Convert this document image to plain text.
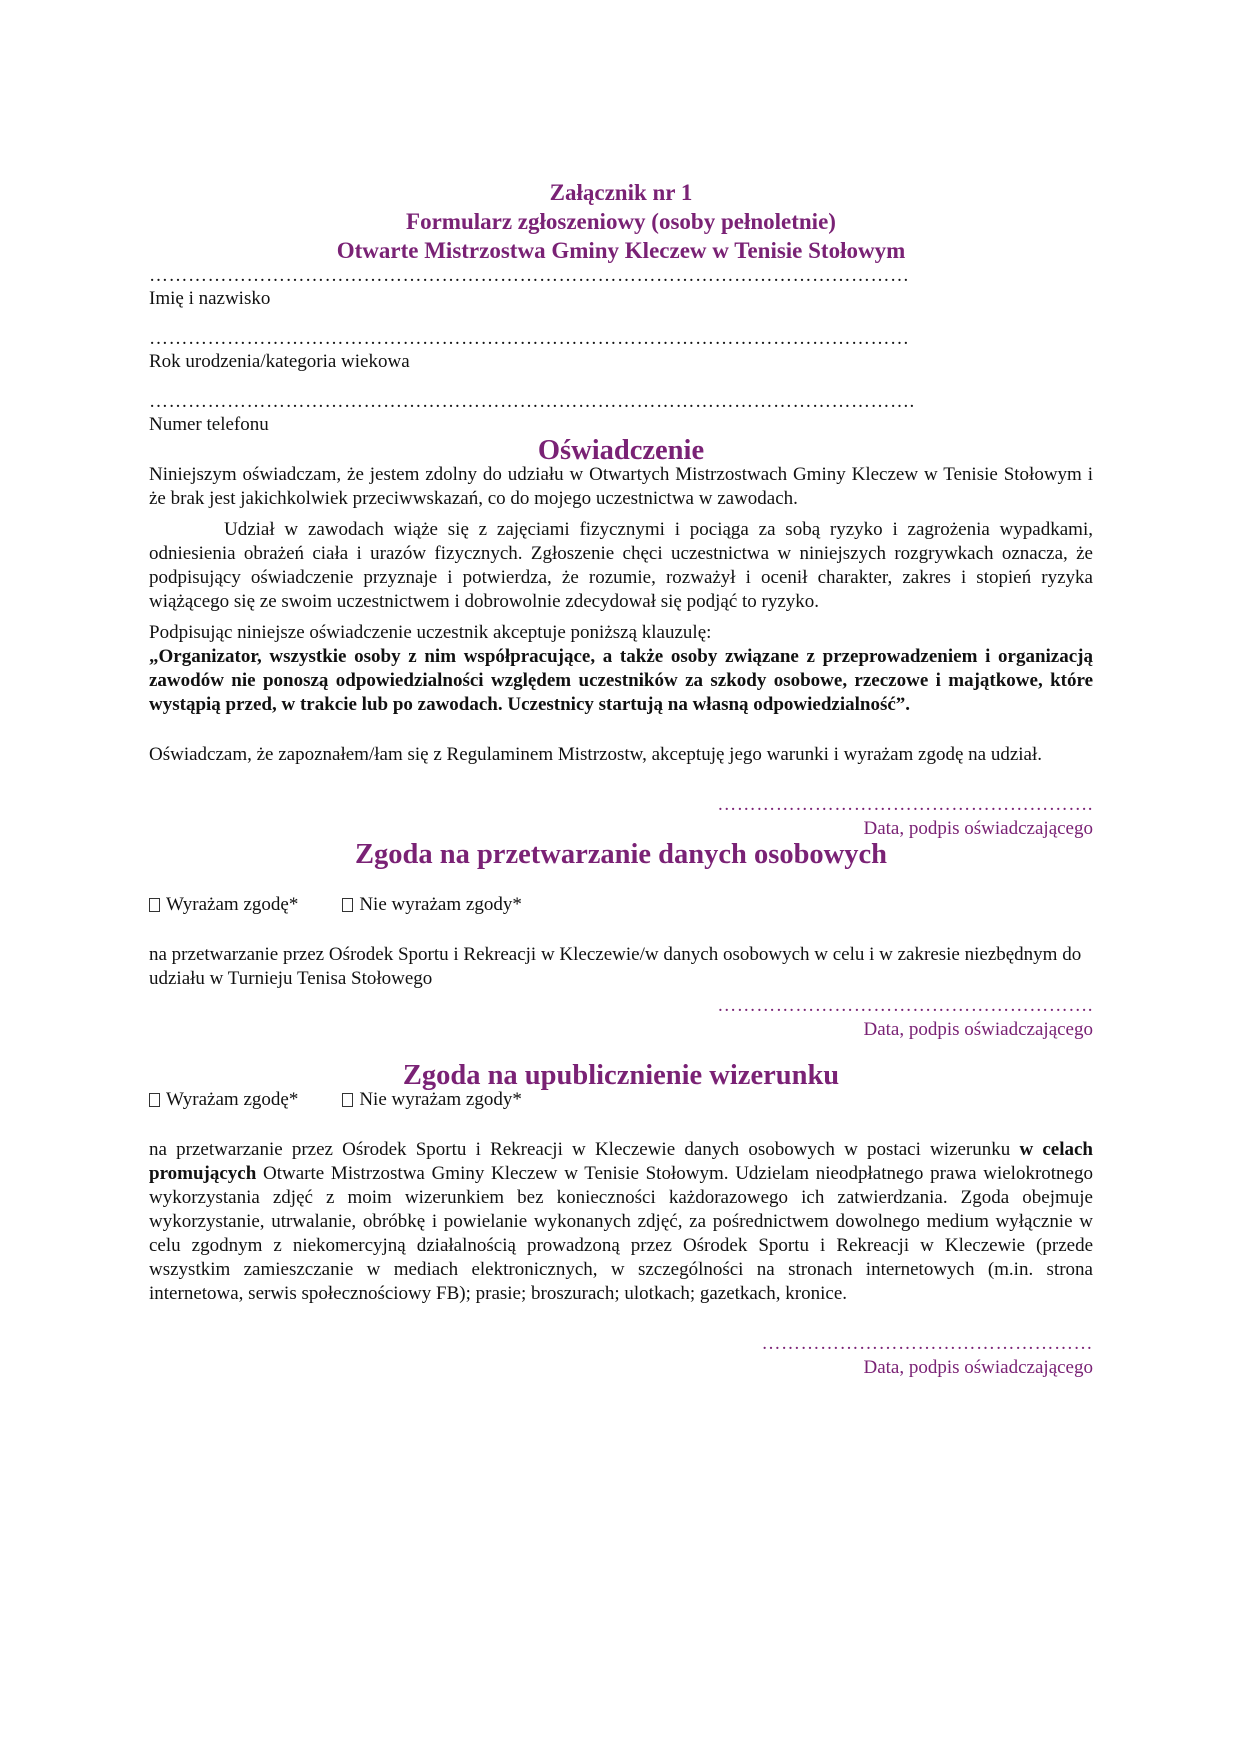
Załącznik nr 1
Formularz zgłoszeniowy (osoby pełnoletnie)
Otwarte Mistrzostwa Gminy Kleczew w Tenisie Stołowym
………………………………………………………………………………………………………
Imię i nazwisko
………………………………………………………………………………………………………
Rok urodzenia/kategoria wiekowa
……………………………………………………………………………………………………….
Numer telefonu
Oświadczenie

Niniejszym oświadczam, że jestem zdolny do udziału w Otwartych Mistrzostwach Gminy Kleczew w Tenisie Stołowym i że brak jest jakichkolwiek przeciwwskazań, co do mojego uczestnictwa w zawodach.

Udział w zawodach wiąże się z zajęciami fizycznymi i pociąga za sobą ryzyko i zagrożenia wypadkami, odniesienia obrażeń ciała i urazów fizycznych. Zgłoszenie chęci uczestnictwa w niniejszych rozgrywkach oznacza, że podpisujący oświadczenie przyznaje i potwierdza, że rozumie, rozważył i ocenił charakter, zakres i stopień ryzyka wiążącego się ze swoim uczestnictwem i dobrowolnie zdecydował się podjąć to ryzyko.

Podpisując niniejsze oświadczenie uczestnik akceptuje poniższą klauzulę:

„Organizator, wszystkie osoby z nim współpracujące, a także osoby związane z przeprowadzeniem i organizacją zawodów nie ponoszą odpowiedzialności względem uczestników za szkody osobowe, rzeczowe i majątkowe, które wystąpią przed, w trakcie lub po zawodach. Uczestnicy startują na własną odpowiedzialność”.

Oświadczam, że zapoznałem/łam się z Regulaminem Mistrzostw, akceptuję jego warunki i wyrażam zgodę na udział.

………………………………………………….
Data, podpis oświadczającego
Zgoda na przetwarzanie danych osobowych
Wyrażam zgodę*	Nie wyrażam zgody*

na przetwarzanie przez Ośrodek Sportu i Rekreacji w Kleczewie/w danych osobowych w celu i w zakresie niezbędnym do udziału w Turnieju Tenisa Stołowego

………………………………………………….
Data, podpis oświadczającego
Zgoda na upublicznienie wizerunku
Wyrażam zgodę*	Nie wyrażam zgody*

na przetwarzanie przez Ośrodek Sportu i Rekreacji w Kleczewie danych osobowych w postaci wizerunku w celach promujących Otwarte Mistrzostwa Gminy Kleczew w Tenisie Stołowym. Udzielam nieodpłatnego prawa wielokrotnego wykorzystania zdjęć z moim wizerunkiem bez konieczności każdorazowego ich zatwierdzania. Zgoda obejmuje wykorzystanie, utrwalanie, obróbkę i powielanie wykonanych zdjęć, za pośrednictwem dowolnego medium wyłącznie w celu zgodnym z niekomercyjną działalnością prowadzoną przez Ośrodek Sportu i Rekreacji w Kleczewie (przede wszystkim zamieszczanie w mediach elektronicznych, w szczególności na stronach internetowych (m.in. strona internetowa, serwis społecznościowy FB); prasie; broszurach; ulotkach; gazetkach, kronice.

……………………………………………
Data, podpis oświadczającego
